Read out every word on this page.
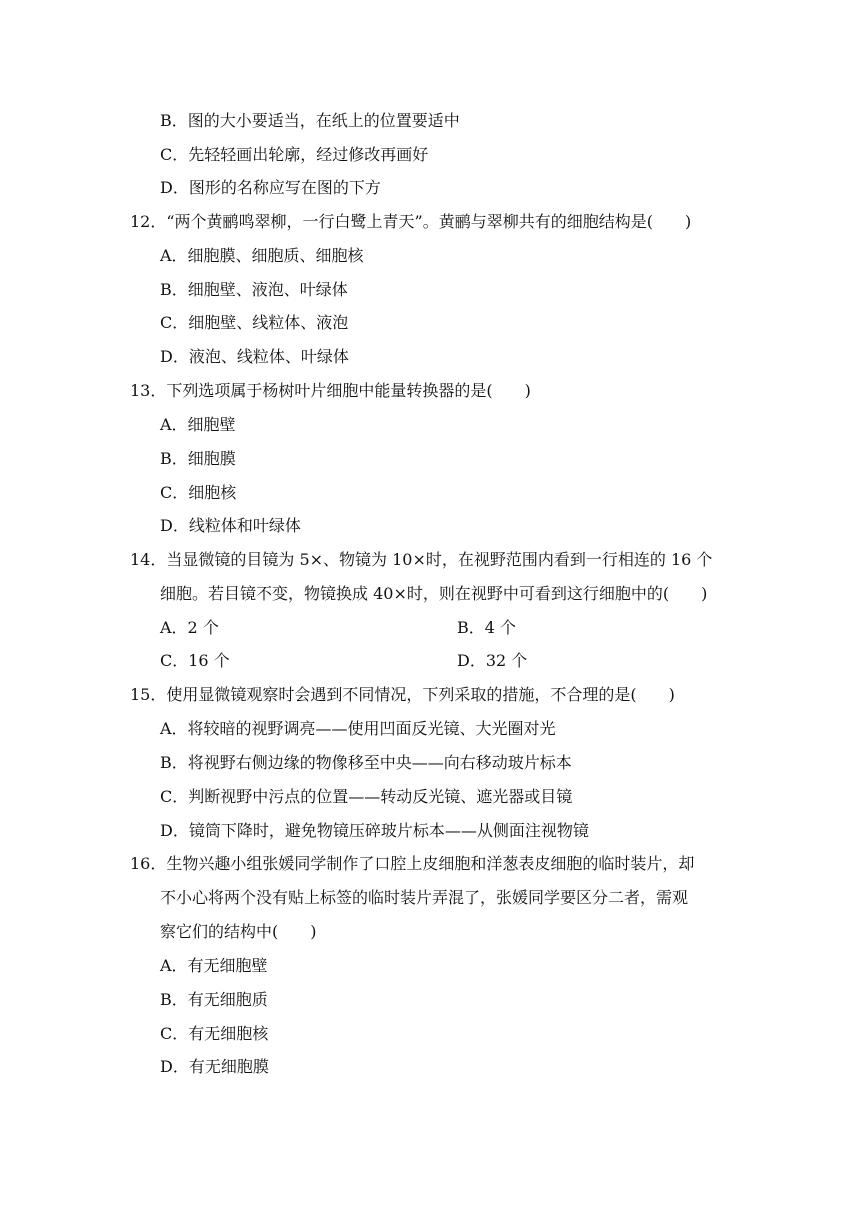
B．图的大小要适当，在纸上的位置要适中
C．先轻轻画出轮廓，经过修改再画好
D．图形的名称应写在图的下方
12．“两个黄鹂鸣翠柳，一行白鹭上青天”。黄鹂与翠柳共有的细胞结构是(　　)
A．细胞膜、细胞质、细胞核
B．细胞壁、液泡、叶绿体
C．细胞壁、线粒体、液泡
D．液泡、线粒体、叶绿体
13．下列选项属于杨树叶片细胞中能量转换器的是(　　)
A．细胞壁
B．细胞膜
C．细胞核
D．线粒体和叶绿体
14．当显微镜的目镜为 5×、物镜为 10×时，在视野范围内看到一行相连的 16 个
细胞。若目镜不变，物镜换成 40×时，则在视野中可看到这行细胞中的(　　)
A．2 个	B．4 个
C．16 个	D．32 个
15．使用显微镜观察时会遇到不同情况，下列采取的措施，不合理的是(　　)
A．将较暗的视野调亮——使用凹面反光镜、大光圈对光
B．将视野右侧边缘的物像移至中央——向右移动玻片标本
C．判断视野中污点的位置——转动反光镜、遮光器或目镜
D．镜筒下降时，避免物镜压碎玻片标本——从侧面注视物镜
16．生物兴趣小组张媛同学制作了口腔上皮细胞和洋葱表皮细胞的临时装片，却
不小心将两个没有贴上标签的临时装片弄混了，张媛同学要区分二者，需观
察它们的结构中(　　)
A．有无细胞壁
B．有无细胞质
C．有无细胞核
D．有无细胞膜
